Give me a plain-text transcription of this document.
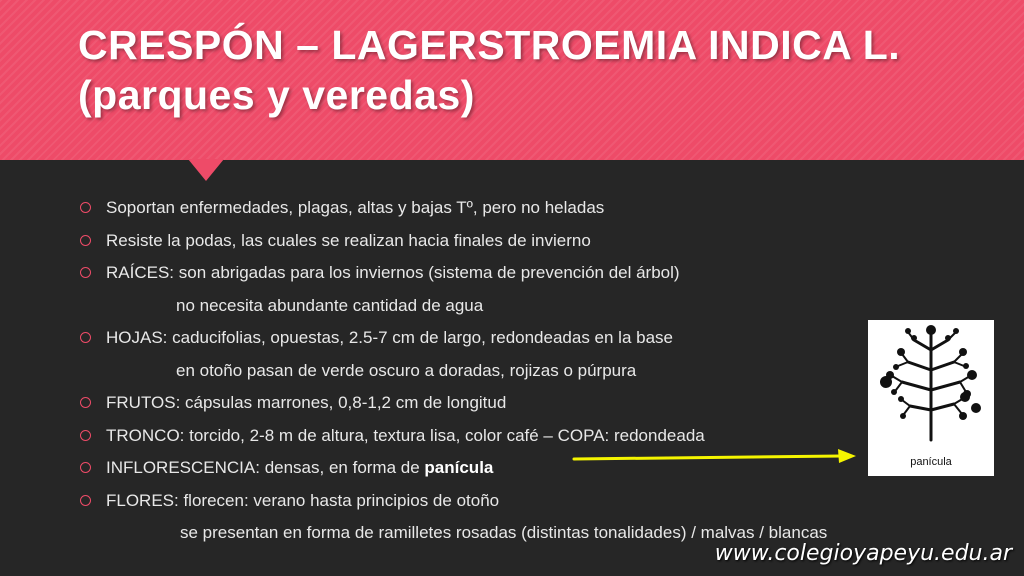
CRESPÓN – LAGERSTROEMIA INDICA L.
(parques y veredas)
Soportan enfermedades, plagas, altas y bajas Tº, pero no heladas
Resiste la podas, las cuales se realizan hacia finales de invierno
RAÍCES: son abrigadas para los inviernos (sistema de prevención del árbol)
no necesita abundante cantidad de agua
HOJAS: caducifolias, opuestas, 2.5-7 cm de largo, redondeadas en la base
en otoño pasan de verde oscuro a doradas, rojizas o púrpura
FRUTOS: cápsulas marrones, 0,8-1,2 cm de longitud
TRONCO: torcido, 2-8 m de altura, textura lisa, color café – COPA: redondeada
INFLORESCENCIA: densas, en forma de panícula
FLORES: florecen: verano hasta principios de otoño
se presentan en forma de ramilletes rosadas (distintas tonalidades) / malvas / blancas
panícula
www.colegioyapeyu.edu.ar
